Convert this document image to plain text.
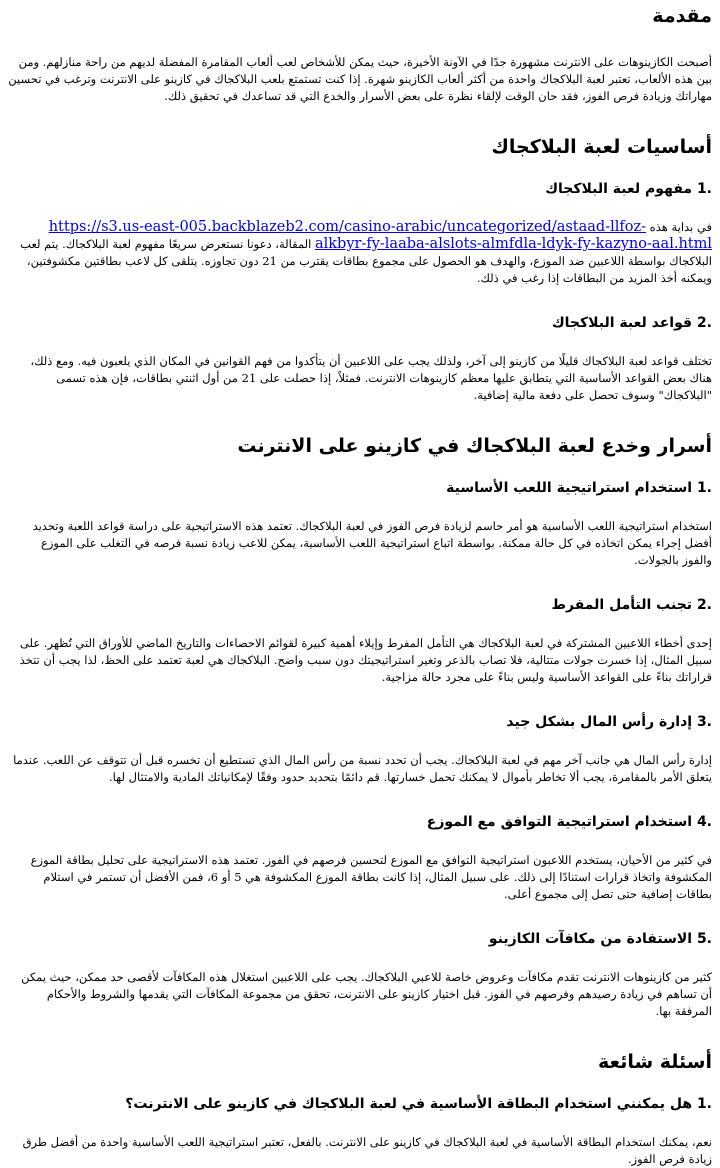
مقدمة

أصبحت الكازينوهات على الانترنت مشهورة جدًا في الآونة الأخيرة، حيث يمكن للأشخاص لعب ألعاب المقامرة المفضلة لديهم من راحة منازلهم. ومن بين هذه الألعاب، تعتبر لعبة البلاكجاك واحدة من أكثر ألعاب الكازينو شهرة. إذا كنت تستمتع بلعب البلاكجاك في كازينو على الانترنت وترغب في تحسين مهاراتك وزيادة فرص الفوز، فقد حان الوقت لإلقاء نظرة على بعض الأسرار والخدع التي قد تساعدك في تحقيق ذلك.

أساسيات لعبة البلاكجاك
1. مفهوم لعبة البلاكجاك

في بداية هذه https://s3.us-east-005.backblazeb2.com/casino-arabic/uncategorized/astaad-llfoz-alkbyr-fy-laaba-alslots-almfdla-ldyk-fy-kazyno-aal.html المقالة، دعونا نستعرض سريعًا مفهوم لعبة البلاكجاك. يتم لعب البلاكجاك بواسطة اللاعبين ضد الموزع، والهدف هو الحصول على مجموع بطاقات يقترب من 21 دون تجاوزه. يتلقى كل لاعب بطاقتين مكشوفتين، ويمكنه أخذ المزيد من البطاقات إذا رغب في ذلك.

2. قواعد لعبة البلاكجاك

تختلف قواعد لعبة البلاكجاك قليلًا من كازينو إلى آخر، ولذلك يجب على اللاعبين أن يتأكدوا من فهم القوانين في المكان الذي يلعبون فيه. ومع ذلك، هناك بعض القواعد الأساسية التي يتطابق عليها معظم كازينوهات الانترنت. فمثلاً، إذا حصلت على 21 من أول اثنتي بطاقات، فإن هذه تسمى "البلاكجاك" وسوف تحصل على دفعة مالية إضافية.

أسرار وخدع لعبة البلاكجاك في كازينو على الانترنت
1. استخدام استراتيجية اللعب الأساسية

استخدام استراتيجية اللعب الأساسية هو أمر حاسم لزيادة فرص الفوز في لعبة البلاكجاك. تعتمد هذه الاستراتيجية على دراسة قواعد اللعبة وتحديد أفضل إجراء يمكن اتخاذه في كل حالة ممكنة. بواسطة اتباع استراتيجية اللعب الأساسية، يمكن للاعب زيادة نسبة فرصه في التغلب على الموزع والفوز بالجولات.

2. تجنب التأمل المفرط

إحدى أخطاء اللاعبين المشتركة في لعبة البلاكجاك هي التأمل المفرط وإيلاء أهمية كبيرة لقوائم الاحصاءات والتاريخ الماضي للأوراق التي تُظهر. على سبيل المثال، إذا خسرت جولات متتالية، فلا تصاب بالذعر وتغير استراتيجيتك دون سبب واضح. البلاكجاك هي لعبة تعتمد على الحظ، لذا يجب أن تتخذ قراراتك بناءً على القواعد الأساسية وليس بناءً على مجرد حالة مزاجية.

3. إدارة رأس المال بشكل جيد

إدارة رأس المال هي جانب آخر مهم في لعبة البلاكجاك. يجب أن تحدد نسبة من رأس المال الذي تستطيع أن تخسره قبل أن تتوقف عن اللعب. عندما يتعلق الأمر بالمقامرة، يجب ألا تخاطر بأموال لا يمكنك تحمل خسارتها. قم دائمًا بتحديد حدود وفقًا لإمكانياتك المادية والامتثال لها.

4. استخدام استراتيجية التوافق مع الموزع

في كثير من الأحيان، يستخدم اللاعبون استراتيجية التوافق مع الموزع لتحسين فرصهم في الفوز. تعتمد هذه الاستراتيجية على تحليل بطاقة الموزع المكشوفة واتخاذ قرارات استنادًا إلى ذلك. على سبيل المثال، إذا كانت بطاقة الموزع المكشوفة هي 5 أو 6، فمن الأفضل أن تستمر في استلام بطاقات إضافية حتى تصل إلى مجموع أعلى.

5. الاستفادة من مكافآت الكازينو

كثير من كازينوهات الانترنت تقدم مكافآت وعروض خاصة للاعبي البلاكجاك. يجب على اللاعبين استغلال هذه المكافآت لأقصى حد ممكن، حيث يمكن أن تساهم في زيادة رصيدهم وفرصهم في الفوز. قبل اختيار كازينو على الانترنت، تحقق من مجموعة المكافآت التي يقدمها والشروط والأحكام المرفقة بها.

أسئلة شائعة
1. هل يمكنني استخدام البطاقة الأساسية في لعبة البلاكجاك في كازينو على الانترنت؟

نعم، يمكنك استخدام البطاقة الأساسية في لعبة البلاكجاك في كازينو على الانترنت. بالفعل، تعتبر استراتيجية اللعب الأساسية واحدة من أفضل طرق زيادة فرص الفوز.
